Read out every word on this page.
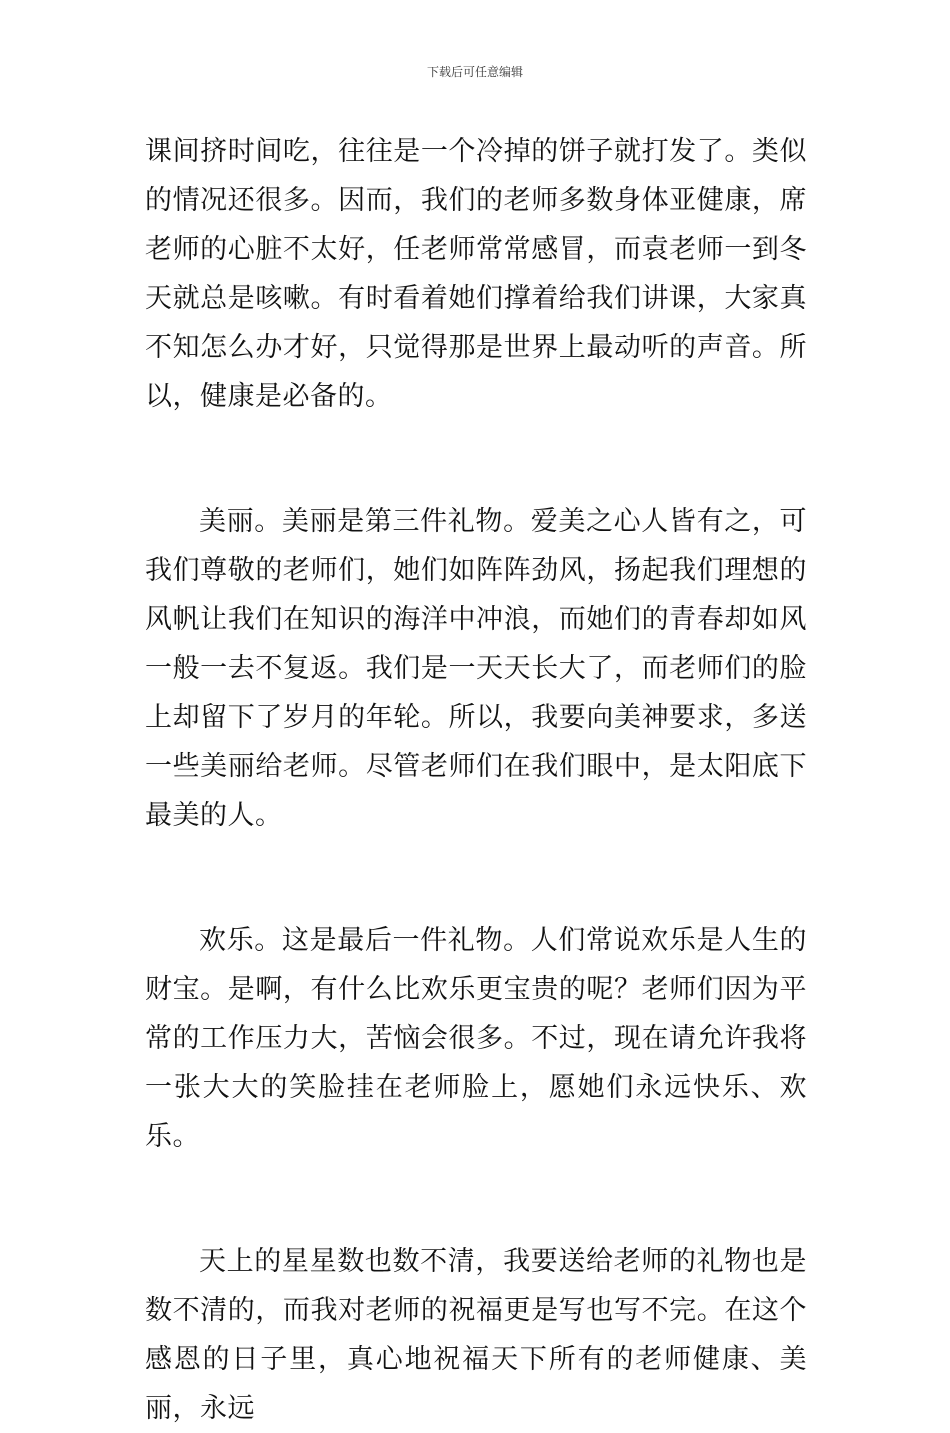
下载后可任意编辑

课间挤时间吃，往往是一个冷掉的饼子就打发了。类似的情况还很多。因而，我们的老师多数身体亚健康，席老师的心脏不太好，任老师常常感冒，而袁老师一到冬天就总是咳嗽。有时看着她们撑着给我们讲课，大家真不知怎么办才好，只觉得那是世界上最动听的声音。所以，健康是必备的。

美丽。美丽是第三件礼物。爱美之心人皆有之，可我们尊敬的老师们，她们如阵阵劲风，扬起我们理想的风帆让我们在知识的海洋中冲浪，而她们的青春却如风一般一去不复返。我们是一天天长大了，而老师们的脸上却留下了岁月的年轮。所以，我要向美神要求，多送一些美丽给老师。尽管老师们在我们眼中，是太阳底下最美的人。

欢乐。这是最后一件礼物。人们常说欢乐是人生的财宝。是啊，有什么比欢乐更宝贵的呢？老师们因为平常的工作压力大，苦恼会很多。不过，现在请允许我将一张大大的笑脸挂在老师脸上，愿她们永远快乐、欢乐。

天上的星星数也数不清，我要送给老师的礼物也是数不清的，而我对老师的祝福更是写也写不完。在这个感恩的日子里，真心地祝福天下所有的老师健康、美丽，永远
